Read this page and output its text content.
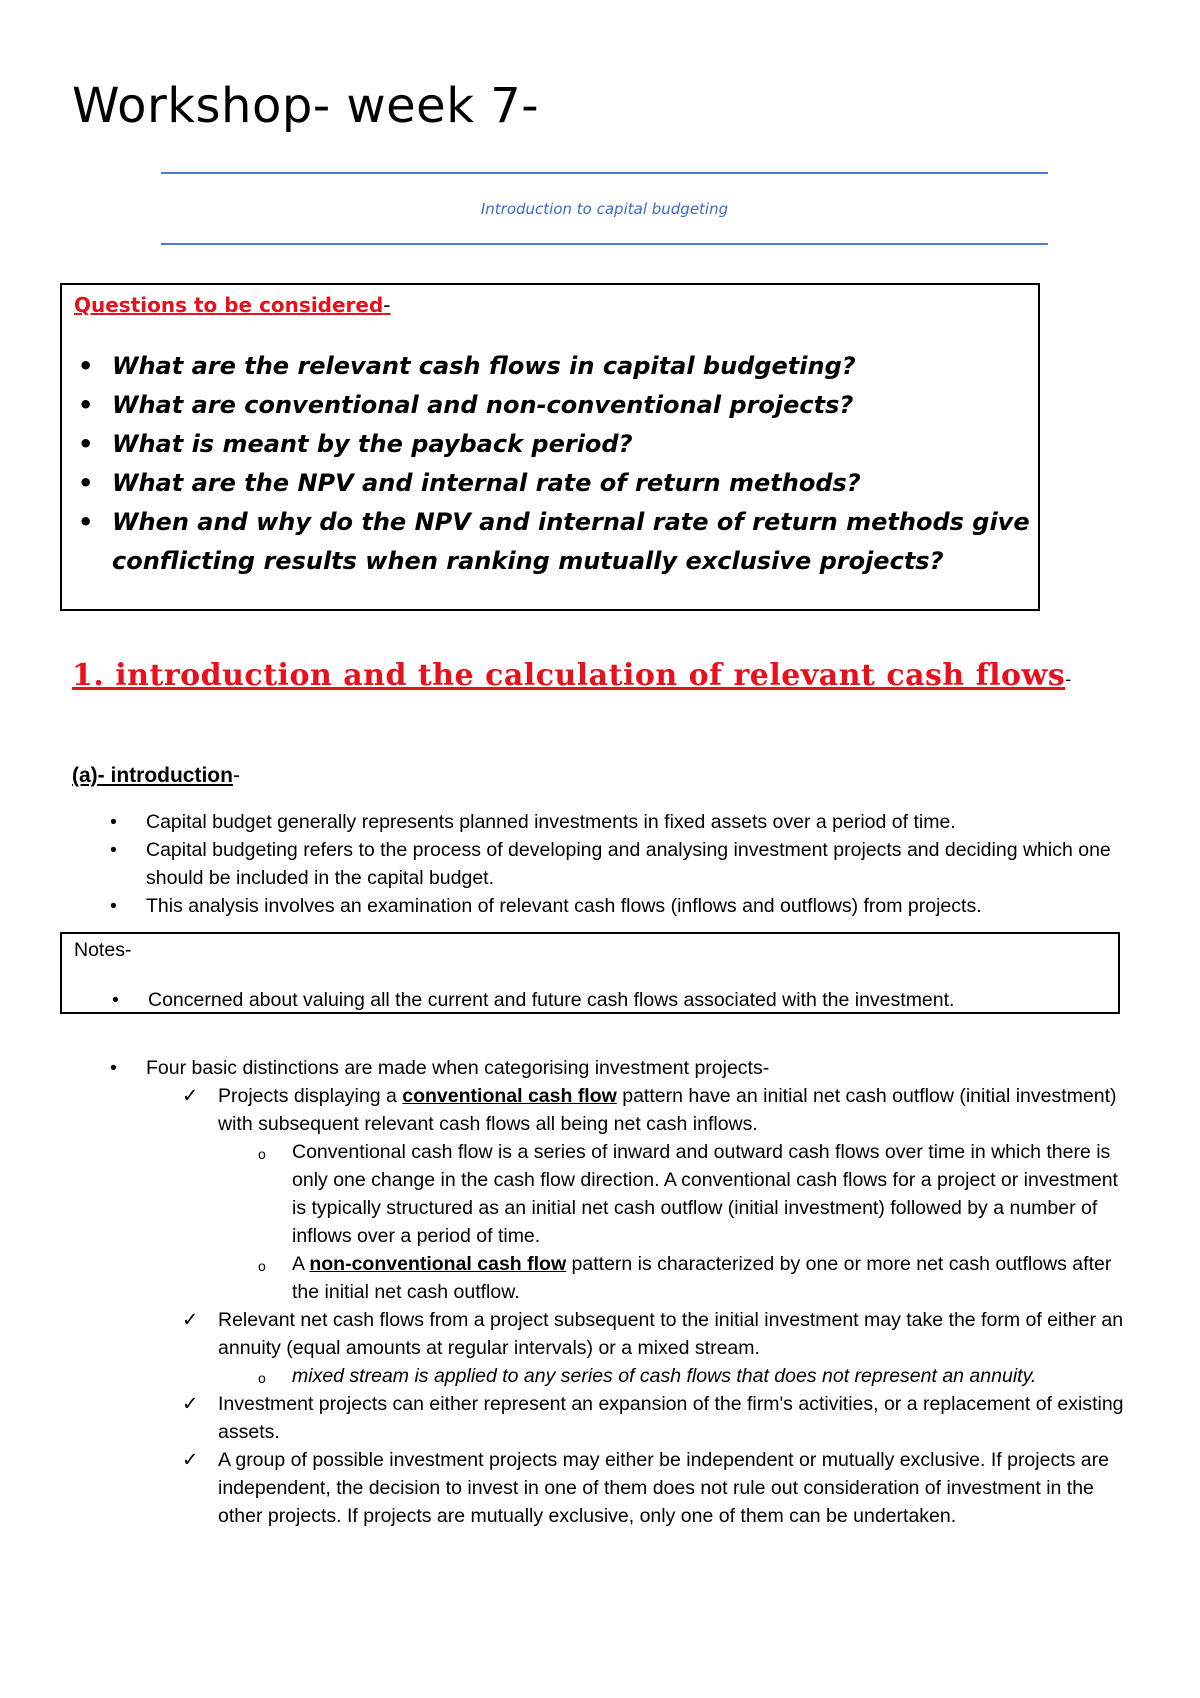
Workshop- week 7-
Introduction to capital budgeting
Questions to be considered-
• What are the relevant cash flows in capital budgeting?
• What are conventional and non-conventional projects?
• What is meant by the payback period?
• What are the NPV and internal rate of return methods?
• When and why do the NPV and internal rate of return methods give conflicting results when ranking mutually exclusive projects?
1. introduction and the calculation of relevant cash flows-
(a)- introduction-
• Capital budget generally represents planned investments in fixed assets over a period of time.
• Capital budgeting refers to the process of developing and analysing investment projects and deciding which one should be included in the capital budget.
• This analysis involves an examination of relevant cash flows (inflows and outflows) from projects.
Notes-
• Concerned about valuing all the current and future cash flows associated with the investment.
• Four basic distinctions are made when categorising investment projects-
✓ Projects displaying a conventional cash flow pattern have an initial net cash outflow (initial investment) with subsequent relevant cash flows all being net cash inflows.
o Conventional cash flow is a series of inward and outward cash flows over time in which there is only one change in the cash flow direction. A conventional cash flows for a project or investment is typically structured as an initial net cash outflow (initial investment) followed by a number of inflows over a period of time.
o A non-conventional cash flow pattern is characterized by one or more net cash outflows after the initial net cash outflow.
✓ Relevant net cash flows from a project subsequent to the initial investment may take the form of either an annuity (equal amounts at regular intervals) or a mixed stream.
o mixed stream is applied to any series of cash flows that does not represent an annuity.
✓ Investment projects can either represent an expansion of the firm's activities, or a replacement of existing assets.
✓ A group of possible investment projects may either be independent or mutually exclusive. If projects are independent, the decision to invest in one of them does not rule out consideration of investment in the other projects. If projects are mutually exclusive, only one of them can be undertaken.
